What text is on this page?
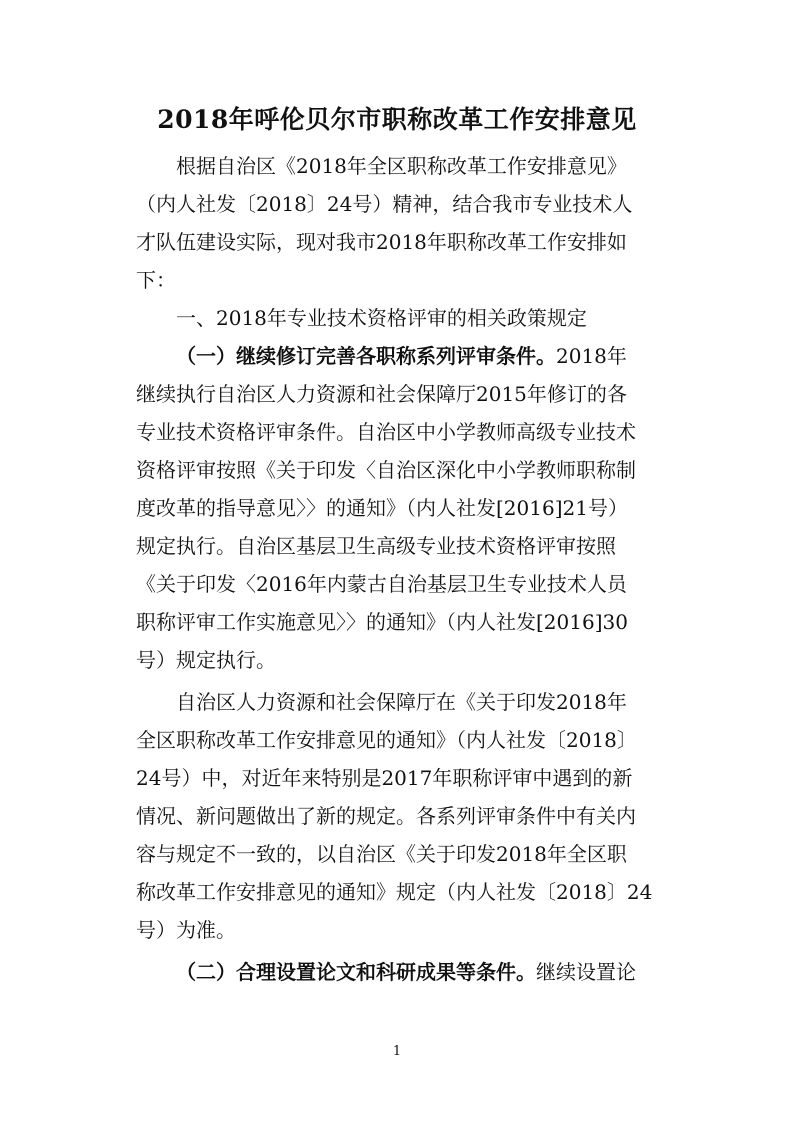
2018年呼伦贝尔市职称改革工作安排意见
根据自治区《2018年全区职称改革工作安排意见》
（内人社发〔2018〕24号）精神，结合我市专业技术人
才队伍建设实际，现对我市2018年职称改革工作安排如
下：
一、2018年专业技术资格评审的相关政策规定
（一）继续修订完善各职称系列评审条件。2018年
继续执行自治区人力资源和社会保障厅2015年修订的各
专业技术资格评审条件。自治区中小学教师高级专业技术
资格评审按照《关于印发〈自治区深化中小学教师职称制
度改革的指导意见〉〉的通知》（内人社发[2016]21号）
规定执行。自治区基层卫生高级专业技术资格评审按照
《关于印发〈2016年内蒙古自治基层卫生专业技术人员
职称评审工作实施意见〉〉的通知》（内人社发[2016]30
号）规定执行。
自治区人力资源和社会保障厅在《关于印发2018年
全区职称改革工作安排意见的通知》（内人社发〔2018〕
24号）中，对近年来特别是2017年职称评审中遇到的新
情况、新问题做出了新的规定。各系列评审条件中有关内
容与规定不一致的，以自治区《关于印发2018年全区职
称改革工作安排意见的通知》规定（内人社发〔2018〕24
号）为准。
（二）合理设置论文和科研成果等条件。继续设置论
1
